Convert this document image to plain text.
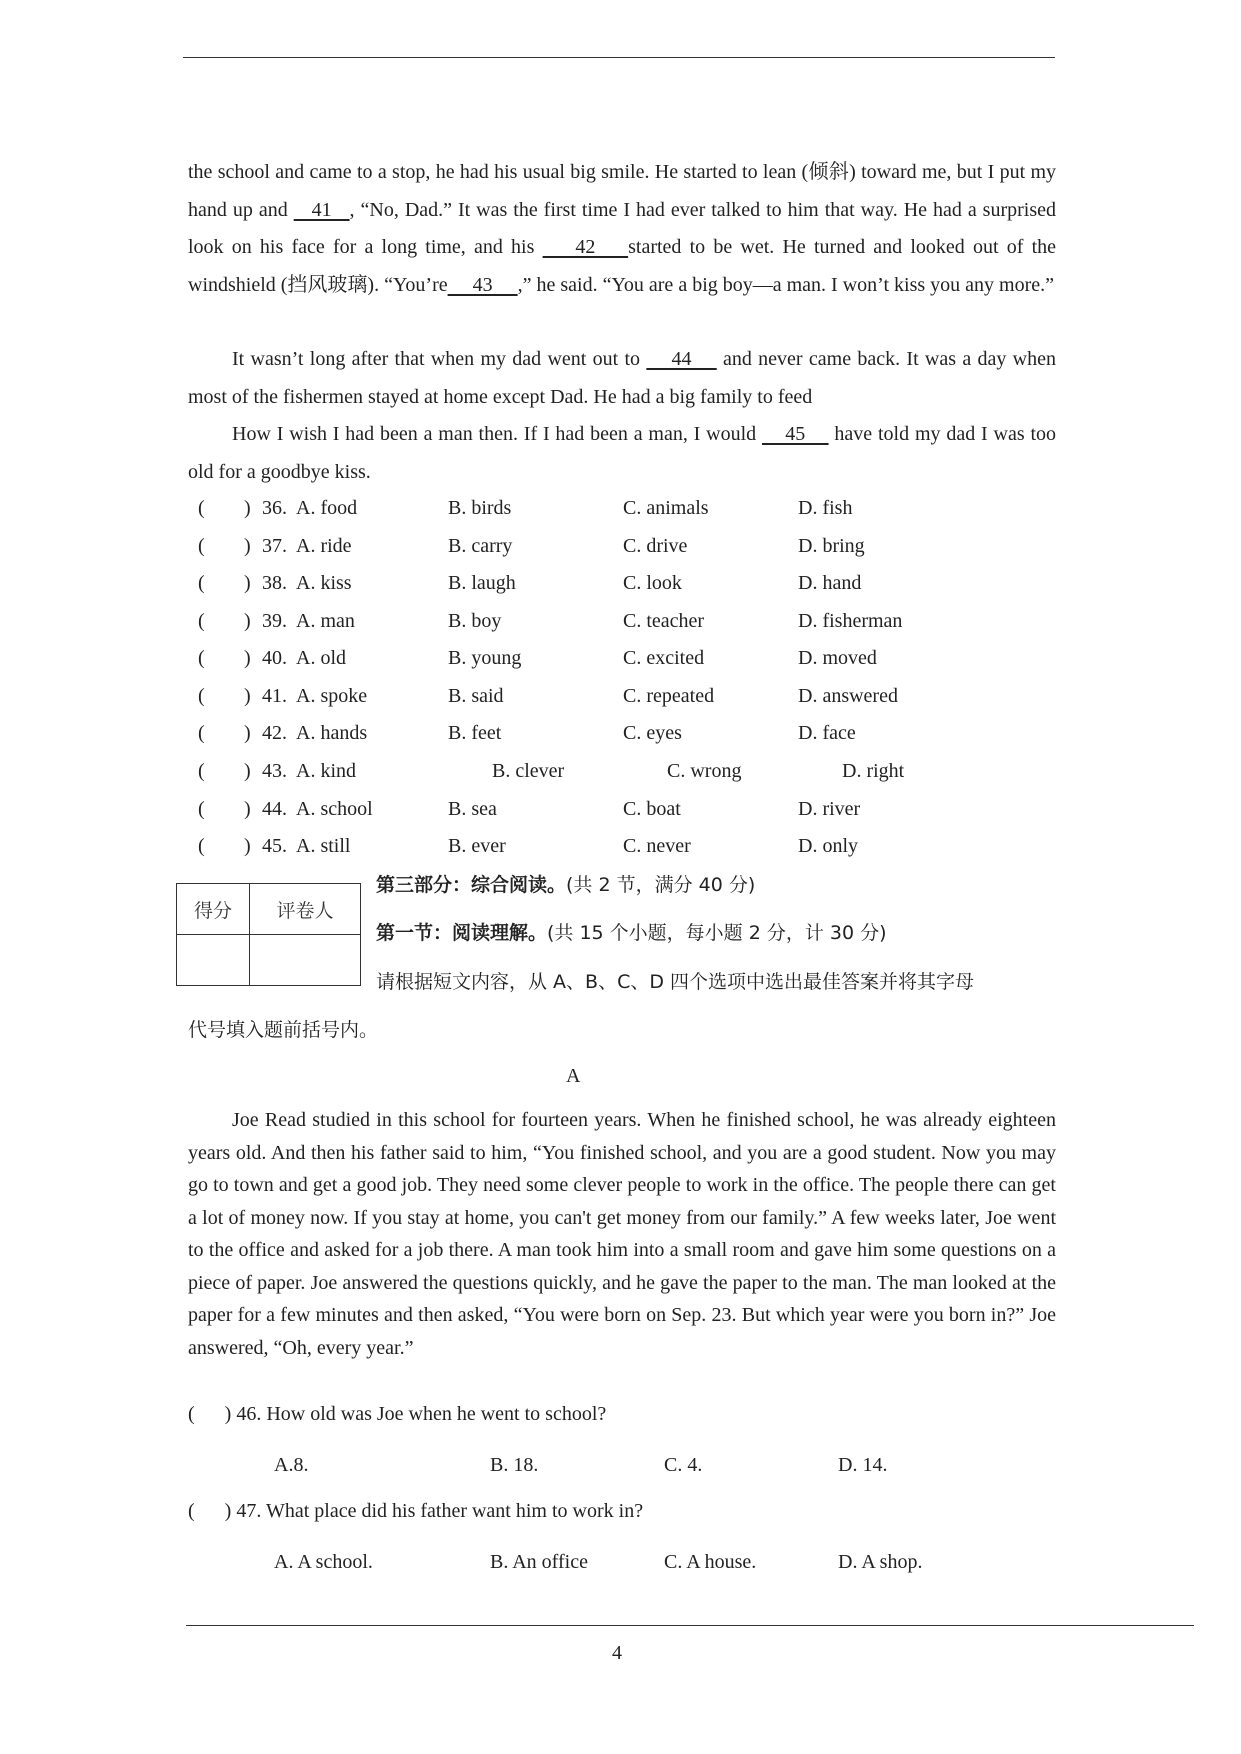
the school and came to a stop, he had his usual big smile. He started to lean (倾斜) toward me, but I put my hand up and    41   , “No, Dad.” It was the first time I had ever talked to him that way. He had a surprised look on his face for a long time, and his     42    started to be wet. He turned and looked out of the windshield (挡风玻璃). “You’re     43     ,” he said. “You are a big boy—a man. I won’t kiss you any more.”

It wasn’t long after that when my dad went out to     44     and never came back. It was a day when most of the fishermen stayed at home except Dad. He had a big family to feed

How I wish I had been a man then. If I had been a man, I would     45     have told my dad I was too old for a goodbye kiss.

( ) 36. A. food	B. birds	C. animals	D. fish
( ) 37. A. ride	B. carry	C. drive	D. bring
( ) 38. A. kiss	B. laugh	C. look	D. hand
( ) 39. A. man	B. boy	C. teacher	D. fisherman
( ) 40. A. old	B. young	C. excited	D. moved
( ) 41. A. spoke	B. said	C. repeated	D. answered
( ) 42. A. hands	B. feet	C. eyes	D. face
( ) 43. A. kind	B. clever	C. wrong	D. right
( ) 44. A. school	B. sea	C. boat	D. river
( ) 45. A. still	B. ever	C. never	D. only
得分	评卷人

第三部分：综合阅读。(共 2 节，满分 40 分)
第一节：阅读理解。(共 15 个小题，每小题 2 分，计 30 分)
请根据短文内容，从 A、B、C、D 四个选项中选出最佳答案并将其字母
代号填入题前括号内。
A

Joe Read studied in this school for fourteen years. When he finished school, he was already eighteen years old. And then his father said to him, “You finished school, and you are a good student. Now you may go to town and get a good job. They need some clever people to work in the office. The people there can get a lot of money now. If you stay at home, you can't get money from our family.” A few weeks later, Joe went to the office and asked for a job there. A man took him into a small room and gave him some questions on a piece of paper. Joe answered the questions quickly, and he gave the paper to the man. The man looked at the paper for a few minutes and then asked, “You were born on Sep. 23. But which year were you born in?” Joe answered, “Oh, every year.”

(      ) 46. How old was Joe when he went to school?
A.8.	B. 18.	C. 4.	D. 14.
(      ) 47. What place did his father want him to work in?
A. A school.	B. An office	C. A house.	D. A shop.
4
